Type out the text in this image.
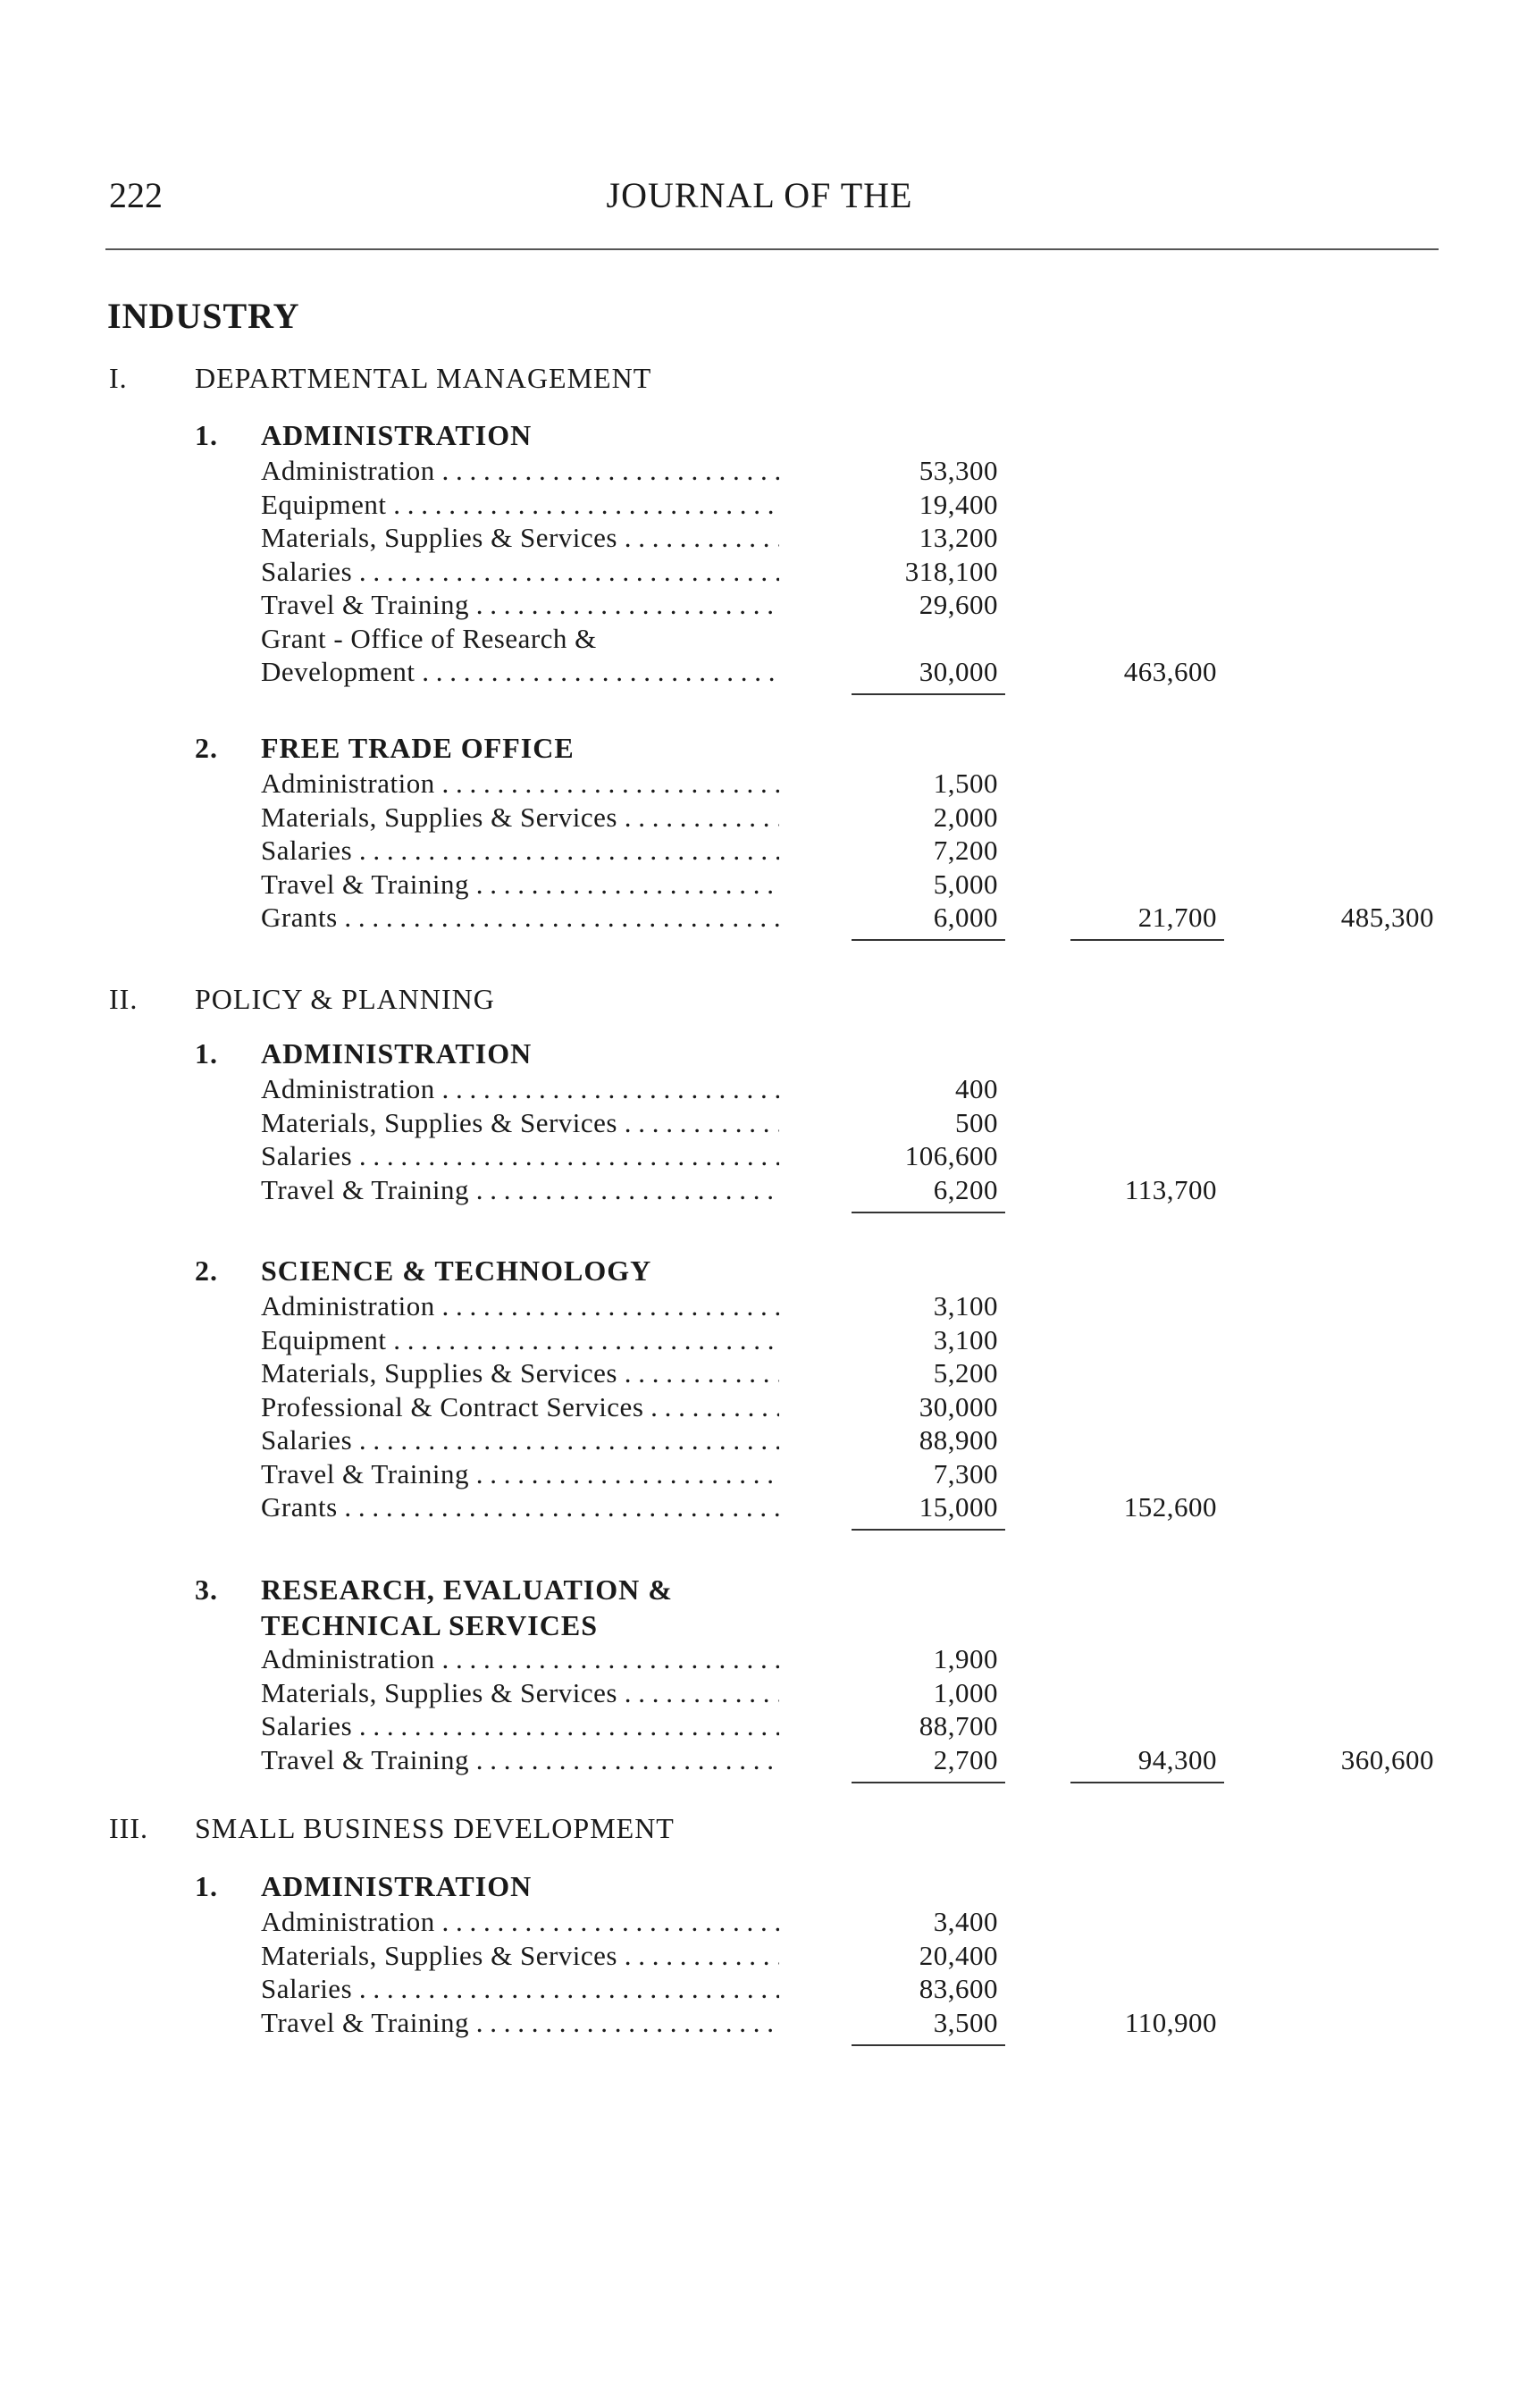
222	JOURNAL OF THE
INDUSTRY
I. DEPARTMENTAL MANAGEMENT
1. ADMINISTRATION
Administration . . .	53,300
Equipment . . .	19,400
Materials, Supplies & Services . . .	13,200
Salaries . . .	318,100
Travel & Training . . .	29,600
Grant - Office of Research &
Development . . .	30,000	463,600
2. FREE TRADE OFFICE
Administration . . .	1,500
Materials, Supplies & Services . . .	2,000
Salaries . . .	7,200
Travel & Training . . .	5,000
Grants . . .	6,000	21,700	485,300
II. POLICY & PLANNING
1. ADMINISTRATION
Administration . . .	400
Materials, Supplies & Services . . .	500
Salaries . . .	106,600
Travel & Training . . .	6,200	113,700
2. SCIENCE & TECHNOLOGY
Administration . . .	3,100
Equipment . . .	3,100
Materials, Supplies & Services . . .	5,200
Professional & Contract Services . . .	30,000
Salaries . . .	88,900
Travel & Training . . .	7,300
Grants . . .	15,000	152,600
3. RESEARCH, EVALUATION &
TECHNICAL SERVICES
Administration . . .	1,900
Materials, Supplies & Services . . .	1,000
Salaries . . .	88,700
Travel & Training . . .	2,700	94,300	360,600
III. SMALL BUSINESS DEVELOPMENT
1. ADMINISTRATION
Administration . . .	3,400
Materials, Supplies & Services . . .	20,400
Salaries . . .	83,600
Travel & Training . . .	3,500	110,900
